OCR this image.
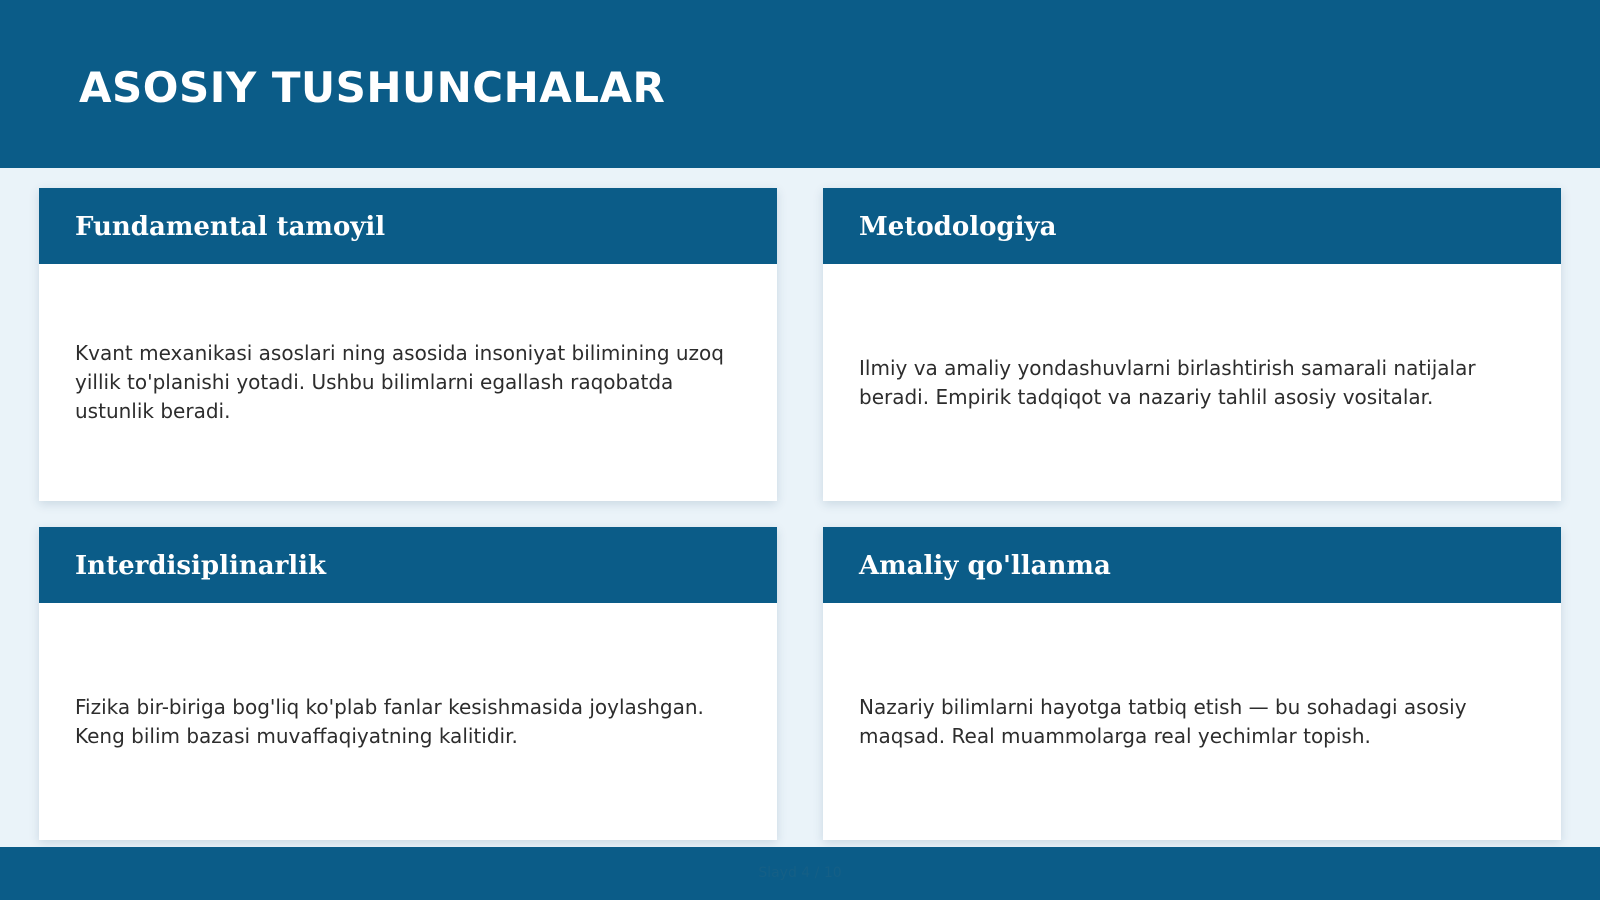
ASOSIY TUSHUNCHALAR
Fundamental tamoyil

Kvant mexanikasi asoslari ning asosida insoniyat bilimining uzoq yillik to'planishi yotadi. Ushbu bilimlarni egallash raqobatda ustunlik beradi.

Metodologiya

Ilmiy va amaliy yondashuvlarni birlashtirish samarali natijalar beradi. Empirik tadqiqot va nazariy tahlil asosiy vositalar.

Interdisiplinarlik

Fizika bir-biriga bog'liq ko'plab fanlar kesishmasida joylashgan. Keng bilim bazasi muvaffaqiyatning kalitidir.

Amaliy qo'llanma

Nazariy bilimlarni hayotga tatbiq etish — bu sohadagi asosiy maqsad. Real muammolarga real yechimlar topish.

Slayd 4 / 10
